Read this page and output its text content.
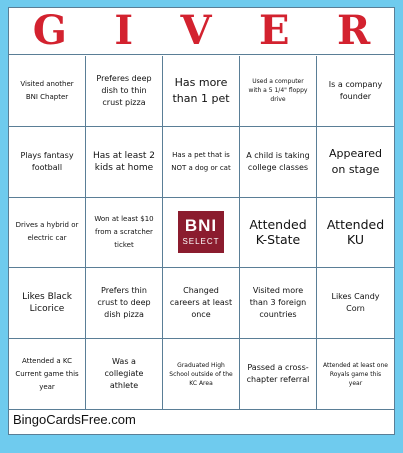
G I V E R
Visited another BNI Chapter
Preferes deep dish to thin crust pizza
Has more than 1 pet
Used a computer with a 5 1/4" floppy drive
Is a company founder
Plays fantasy football
Has at least 2 kids at home
Has a pet that is NOT a dog or cat
A child is taking college classes
Appeared on stage
Drives a hybrid or electric car
Won at least $10 from a scratcher ticket
BNI
SELECT
Attended K-State
Attended KU
Likes Black Licorice
Prefers thin crust to deep dish pizza
Changed careers at least once
Visited more than 3 foreign countries
Likes Candy Corn
Attended a KC Current game this year
Was a collegiate athlete
Graduated High School outside of the KC Area
Passed a cross-chapter referral
Attended at least one Royals game this year
BingoCardsFree.com
